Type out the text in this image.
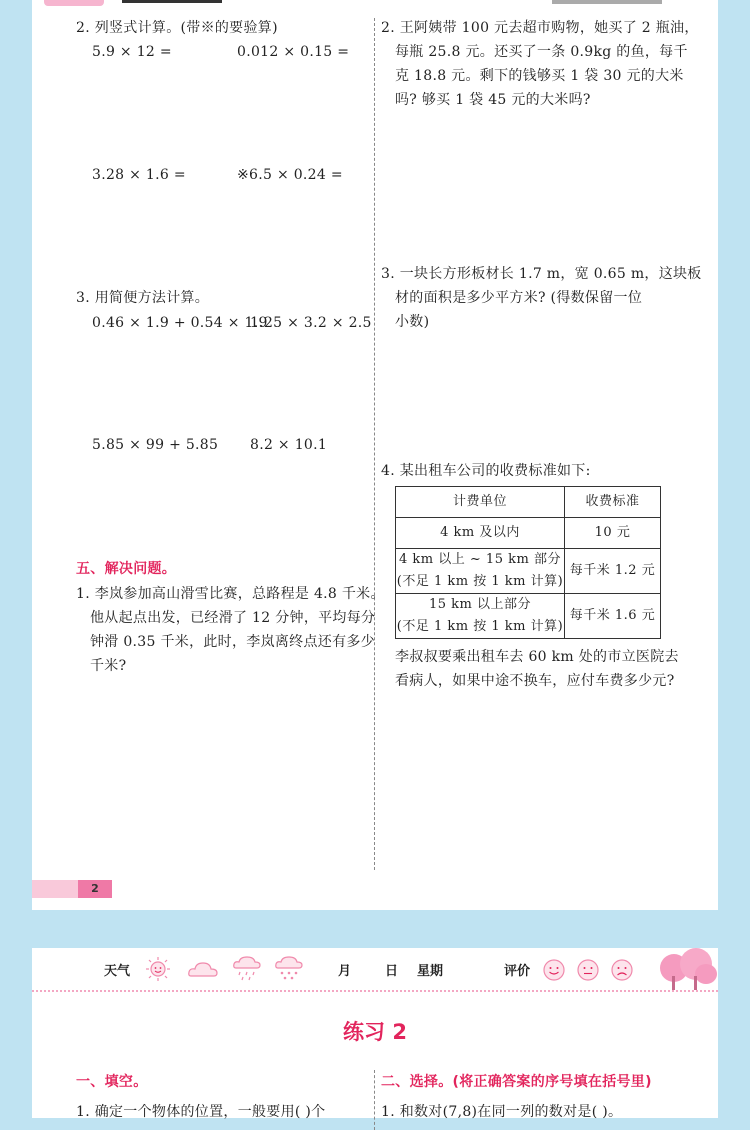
2. 列竖式计算。(带※的要验算)
5.9 × 12 =	0.012 × 0.15 =
3.28 × 1.6 =	※6.5 × 0.24 =
3. 用简便方法计算。
0.46 × 1.9 + 0.54 × 1.9
1.25 × 3.2 × 2.5
5.85 × 99 + 5.85 8.2 × 10.1
五、解决问题。
1. 李岚参加高山滑雪比赛，总路程是 4.8 千米。
他从起点出发，已经滑了 12 分钟，平均每分
钟滑 0.35 千米，此时，李岚离终点还有多少
千米?
2. 王阿姨带 100 元去超市购物，她买了 2 瓶油，
每瓶 25.8 元。还买了一条 0.9kg 的鱼，每千
克 18.8 元。剩下的钱够买 1 袋 30 元的大米
吗? 够买 1 袋 45 元的大米吗?
3. 一块长方形板材长 1.7 m，宽 0.65 m，这块板
材的面积是多少平方米? (得数保留一位
小数)
4. 某出租车公司的收费标准如下:
计费单位	收费标准
4 km 及以内	10 元

4 km 以上 ~ 15 km 部分
(不足 1 km 按 1 km 计算)	每千米 1.2 元

15 km 以上部分
(不足 1 km 按 1 km 计算)	每千米 1.6 元
李叔叔要乘出租车去 60 km 处的市立医院去
看病人，如果中途不换车，应付车费多少元?
2
天气	月	日 星期	评价
练习 2
一、填空。	二、选择。(将正确答案的序号填在括号里)
1. 确定一个物体的位置，一般要用( )个	1. 和数对(7,8)在同一列的数对是( )。
